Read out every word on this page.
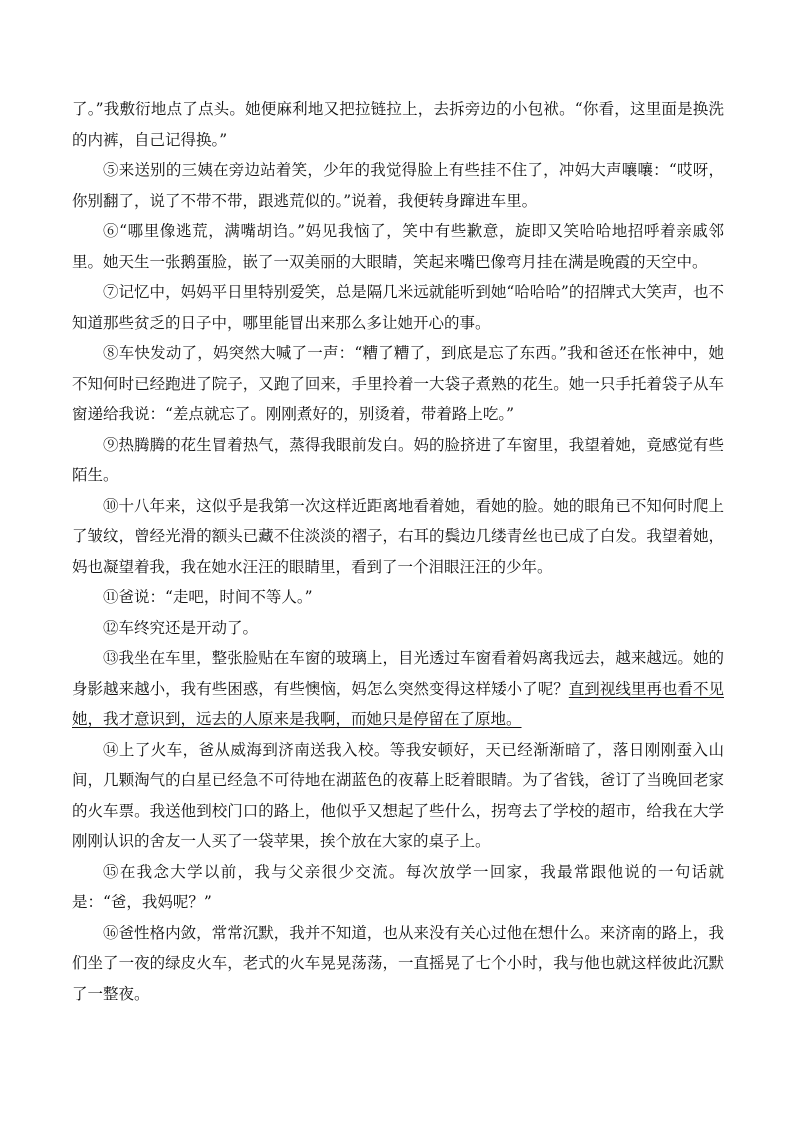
了。”我敷衍地点了点头。她便麻利地又把拉链拉上，去拆旁边的小包袱。“你看，这里面是换洗的内裤，自己记得换。”

⑤来送别的三姨在旁边站着笑，少年的我觉得脸上有些挂不住了，冲妈大声嚷嚷：“哎呀，你别翻了，说了不带不带，跟逃荒似的。”说着，我便转身蹿进车里。

⑥“哪里像逃荒，满嘴胡诌。”妈见我恼了，笑中有些歉意，旋即又笑哈哈地招呼着亲戚邻里。她天生一张鹅蛋脸，嵌了一双美丽的大眼睛，笑起来嘴巴像弯月挂在满是晚霞的天空中。

⑦记忆中，妈妈平日里特别爱笑，总是隔几米远就能听到她“哈哈哈”的招牌式大笑声，也不知道那些贫乏的日子中，哪里能冒出来那么多让她开心的事。

⑧车快发动了，妈突然大喊了一声：“糟了糟了，到底是忘了东西。”我和爸还在怅神中，她不知何时已经跑进了院子，又跑了回来，手里拎着一大袋子煮熟的花生。她一只手托着袋子从车窗递给我说：“差点就忘了。刚刚煮好的，别烫着，带着路上吃。”

⑨热腾腾的花生冒着热气，蒸得我眼前发白。妈的脸挤进了车窗里，我望着她，竟感觉有些陌生。

⑩十八年来，这似乎是我第一次这样近距离地看着她，看她的脸。她的眼角已不知何时爬上了皱纹，曾经光滑的额头已藏不住淡淡的褶子，右耳的鬓边几缕青丝也已成了白发。我望着她，妈也凝望着我，我在她水汪汪的眼睛里，看到了一个泪眼汪汪的少年。

⑪爸说：“走吧，时间不等人。”

⑫车终究还是开动了。

⑬我坐在车里，整张脸贴在车窗的玻璃上，目光透过车窗看着妈离我远去，越来越远。她的身影越来越小，我有些困惑，有些懊恼，妈怎么突然变得这样矮小了呢？直到视线里再也看不见她，我才意识到，远去的人原来是我啊，而她只是停留在了原地。

⑭上了火车，爸从威海到济南送我入校。等我安顿好，天已经渐渐暗了，落日刚刚蚕入山间，几颗淘气的白星已经急不可待地在湖蓝色的夜幕上眨着眼睛。为了省钱，爸订了当晚回老家的火车票。我送他到校门口的路上，他似乎又想起了些什么，拐弯去了学校的超市，给我在大学刚刚认识的舍友一人买了一袋苹果，挨个放在大家的桌子上。

⑮在我念大学以前，我与父亲很少交流。每次放学一回家，我最常跟他说的一句话就是：“爸，我妈呢？”

⑯爸性格内敛，常常沉默，我并不知道，也从来没有关心过他在想什么。来济南的路上，我们坐了一夜的绿皮火车，老式的火车晃晃荡荡，一直摇晃了七个小时，我与他也就这样彼此沉默了一整夜。
